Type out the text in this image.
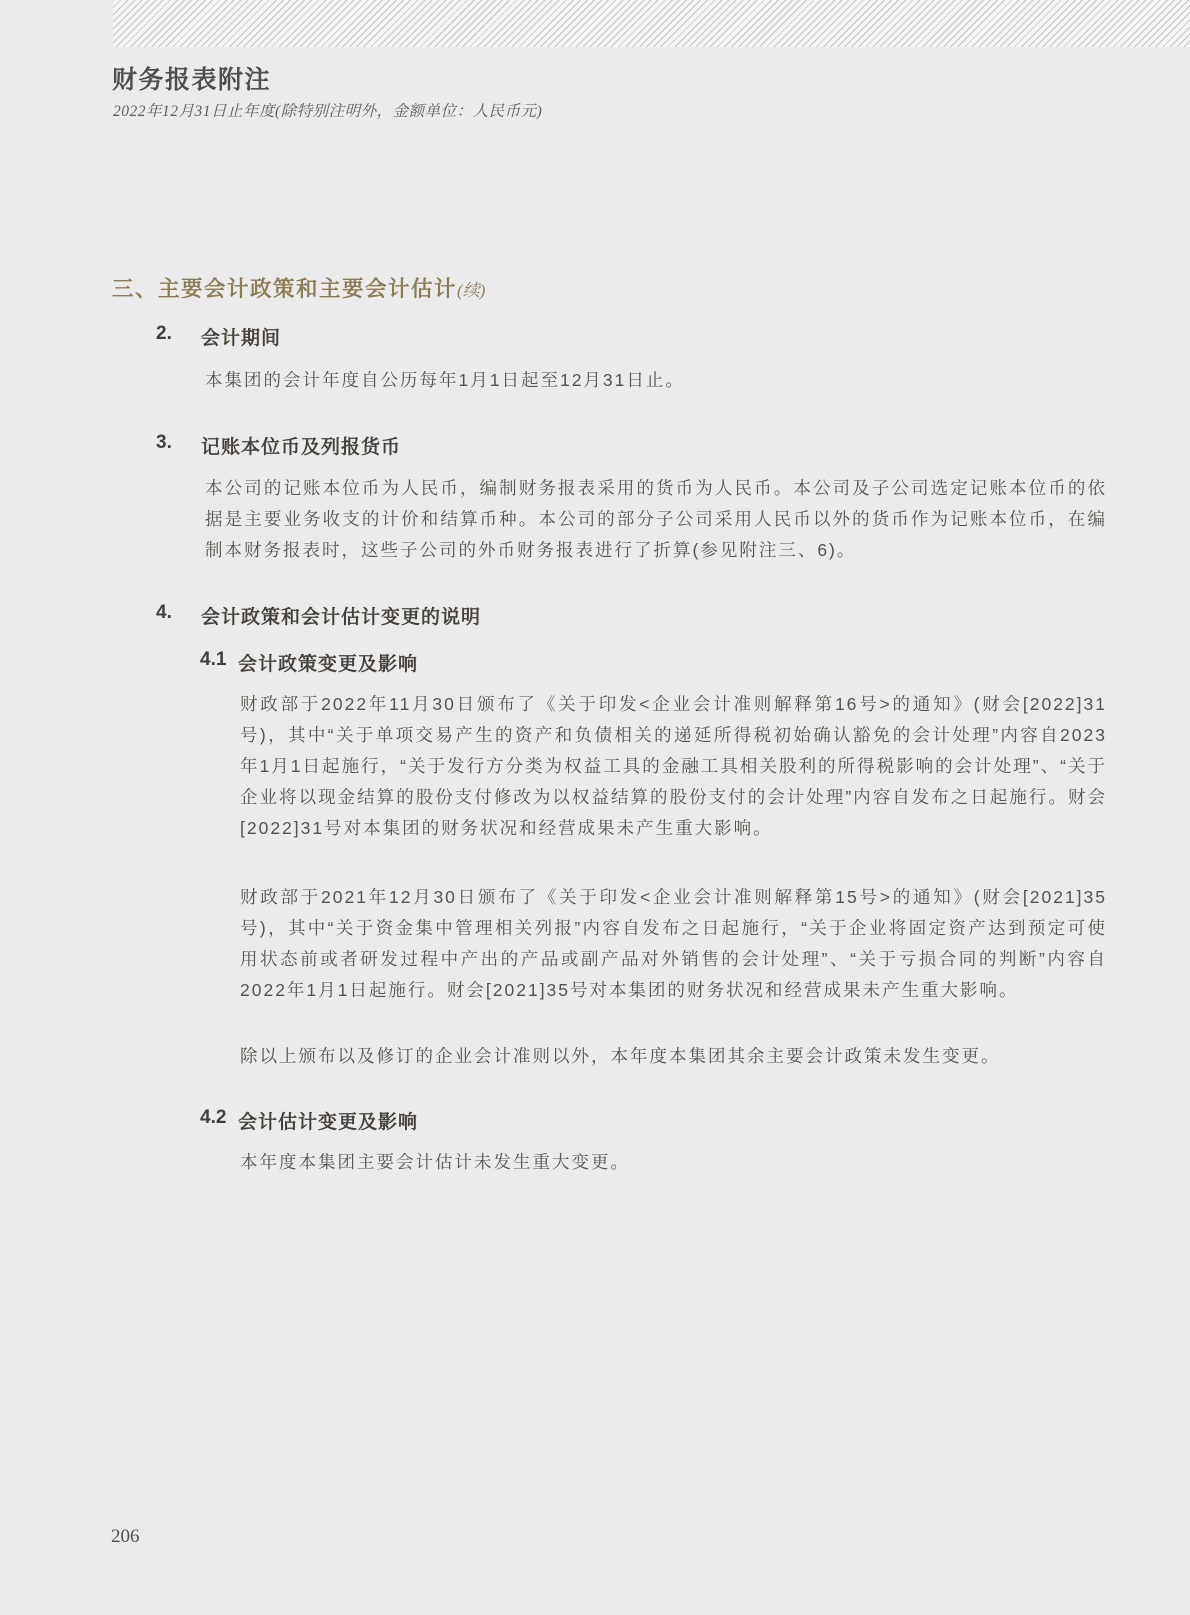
财务报表附注
2022年12月31日止年度(除特别注明外，金额单位：人民币元)
三、主要会计政策和主要会计估计(续)
2. 会计期间
本集团的会计年度自公历每年1月1日起至12月31日止。
3. 记账本位币及列报货币
本公司的记账本位币为人民币，编制财务报表采用的货币为人民币。本公司及子公司选定记账本位币的依据是主要业务收支的计价和结算币种。本公司的部分子公司采用人民币以外的货币作为记账本位币，在编制本财务报表时，这些子公司的外币财务报表进行了折算(参见附注三、6)。
4. 会计政策和会计估计变更的说明
4.1 会计政策变更及影响
财政部于2022年11月30日颁布了《关于印发<企业会计准则解释第16号>的通知》(财会[2022]31号)，其中“关于单项交易产生的资产和负债相关的递延所得税初始确认豁免的会计处理”内容自2023年1月1日起施行，“关于发行方分类为权益工具的金融工具相关股利的所得税影响的会计处理”、“关于企业将以现金结算的股份支付修改为以权益结算的股份支付的会计处理”内容自发布之日起施行。财会[2022]31号对本集团的财务状况和经营成果未产生重大影响。
财政部于2021年12月30日颁布了《关于印发<企业会计准则解释第15号>的通知》(财会[2021]35号)，其中“关于资金集中管理相关列报”内容自发布之日起施行，“关于企业将固定资产达到预定可使用状态前或者研发过程中产出的产品或副产品对外销售的会计处理”、“关于亏损合同的判断”内容自2022年1月1日起施行。财会[2021]35号对本集团的财务状况和经营成果未产生重大影响。
除以上颁布以及修订的企业会计准则以外，本年度本集团其余主要会计政策未发生变更。
4.2 会计估计变更及影响
本年度本集团主要会计估计未发生重大变更。
206
